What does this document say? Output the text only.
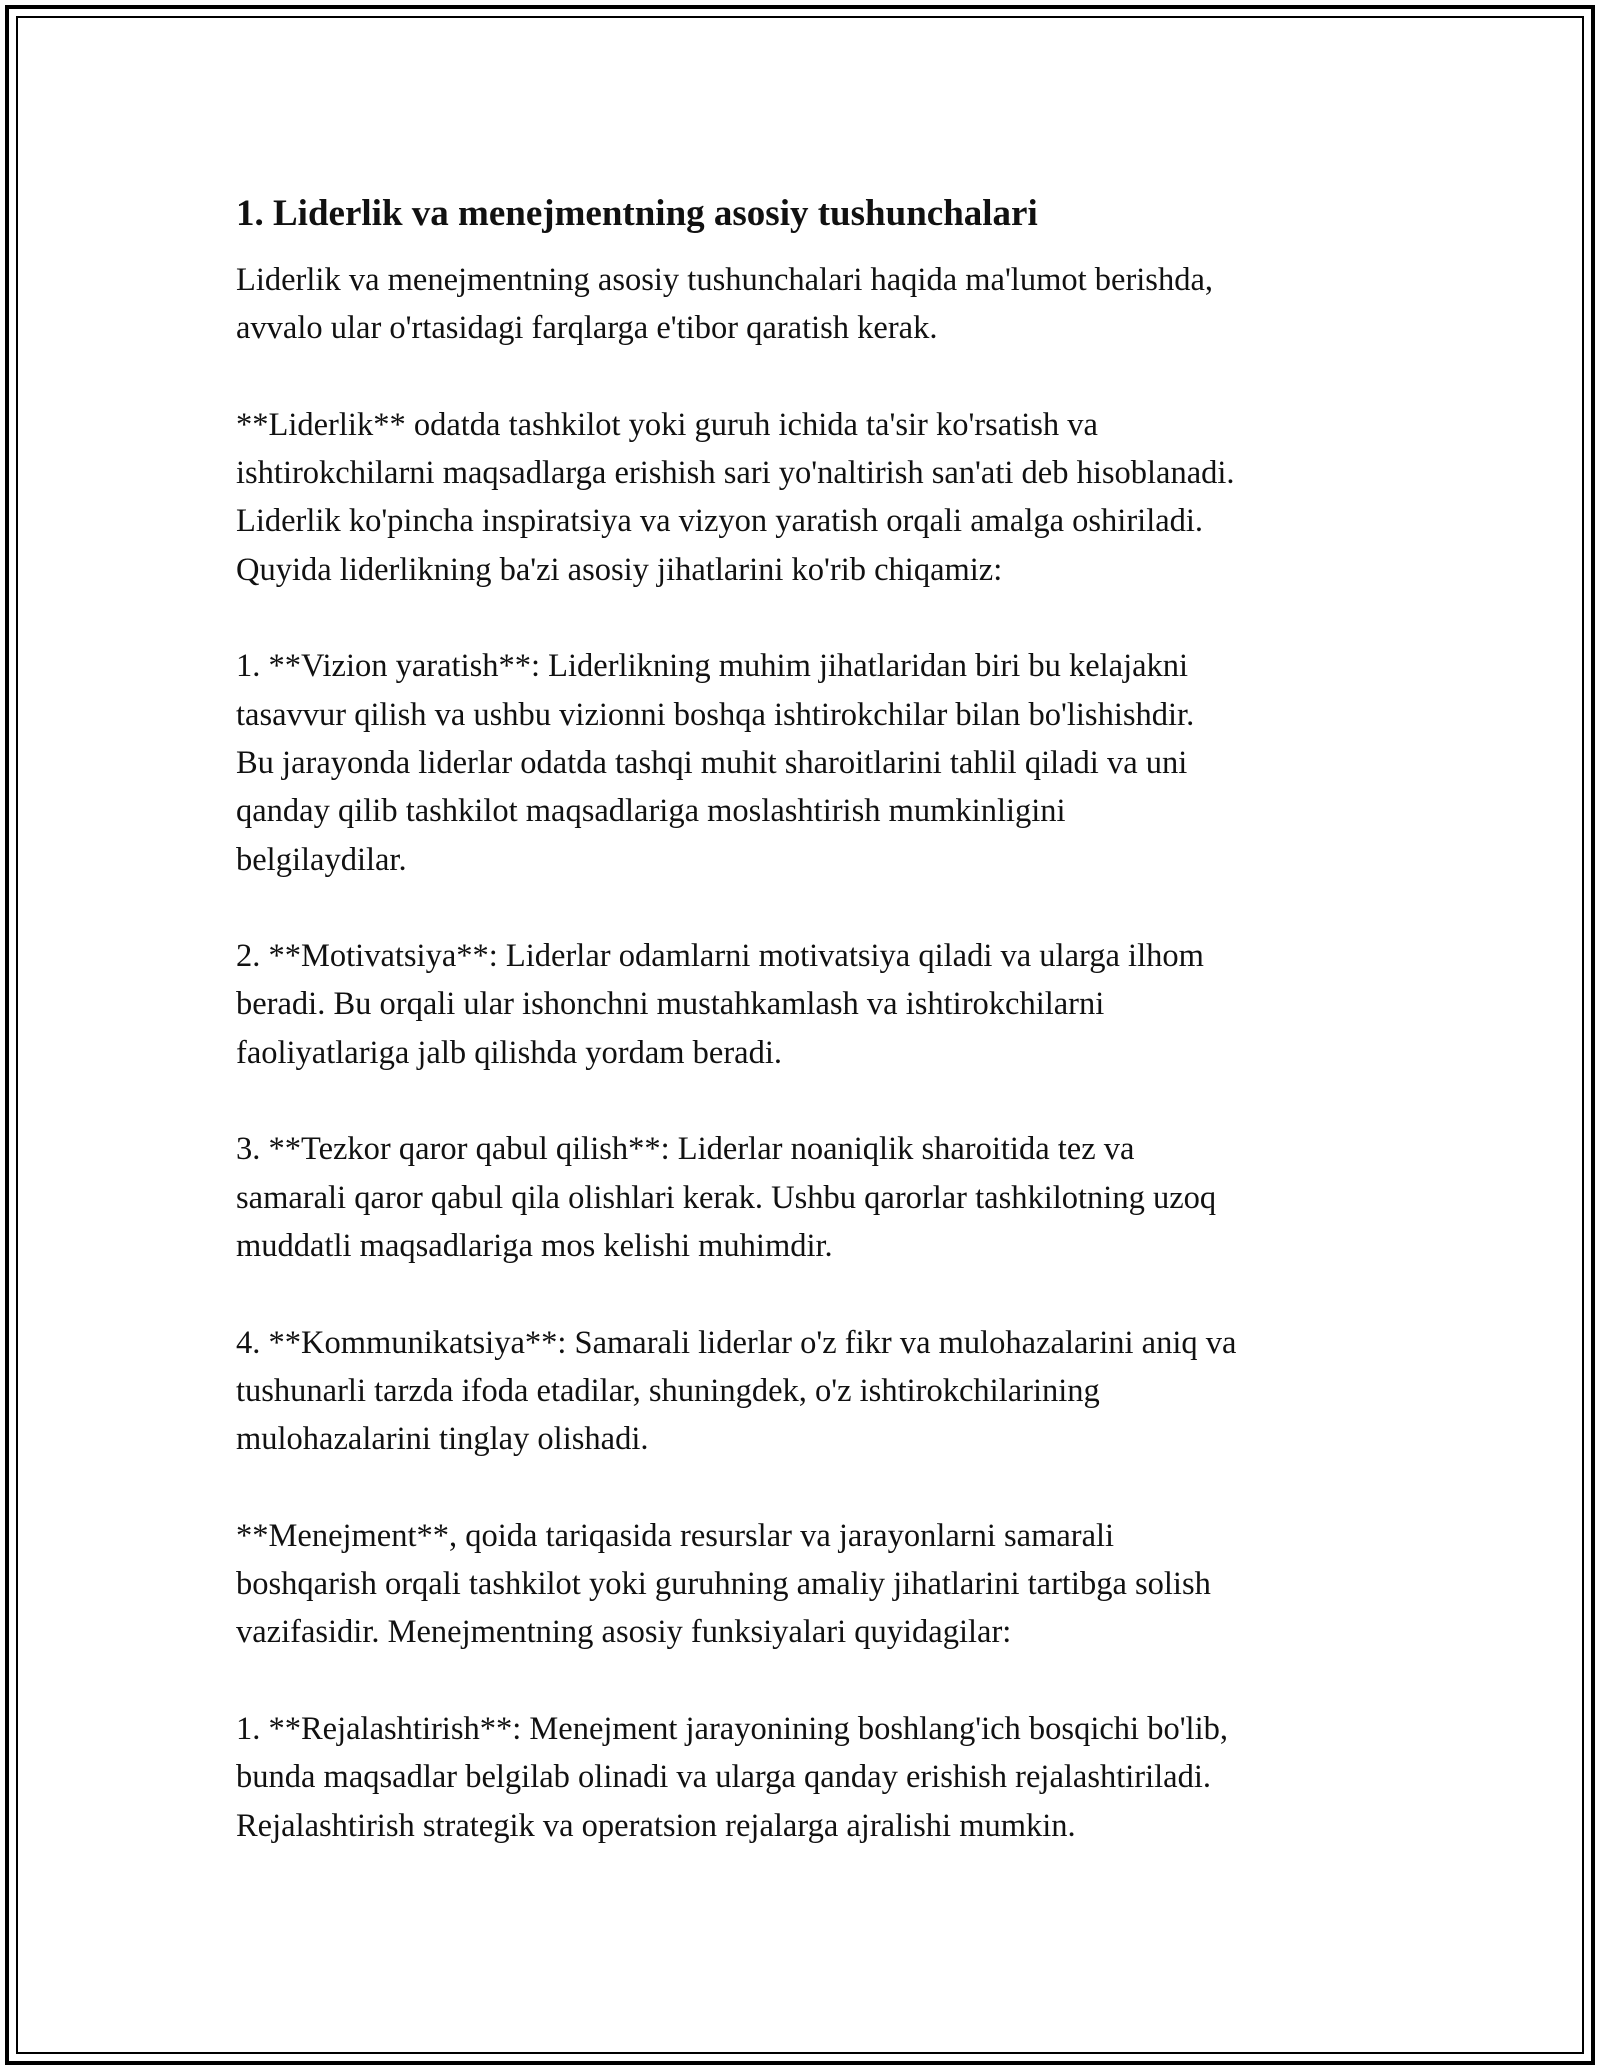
1. Liderlik va menejmentning asosiy tushunchalari

Liderlik va menejmentning asosiy tushunchalari haqida ma'lumot berishda,
avvalo ular o'rtasidagi farqlarga e'tibor qaratish kerak.

**Liderlik** odatda tashkilot yoki guruh ichida ta'sir ko'rsatish va
ishtirokchilarni maqsadlarga erishish sari yo'naltirish san'ati deb hisoblanadi.
Liderlik ko'pincha inspiratsiya va vizyon yaratish orqali amalga oshiriladi.
Quyida liderlikning ba'zi asosiy jihatlarini ko'rib chiqamiz:

1. **Vizion yaratish**: Liderlikning muhim jihatlaridan biri bu kelajakni
tasavvur qilish va ushbu vizionni boshqa ishtirokchilar bilan bo'lishishdir.
Bu jarayonda liderlar odatda tashqi muhit sharoitlarini tahlil qiladi va uni
qanday qilib tashkilot maqsadlariga moslashtirish mumkinligini
belgilaydilar.

2. **Motivatsiya**: Liderlar odamlarni motivatsiya qiladi va ularga ilhom
beradi. Bu orqali ular ishonchni mustahkamlash va ishtirokchilarni
faoliyatlariga jalb qilishda yordam beradi.

3. **Tezkor qaror qabul qilish**: Liderlar noaniqlik sharoitida tez va
samarali qaror qabul qila olishlari kerak. Ushbu qarorlar tashkilotning uzoq
muddatli maqsadlariga mos kelishi muhimdir.

4. **Kommunikatsiya**: Samarali liderlar o'z fikr va mulohazalarini aniq va
tushunarli tarzda ifoda etadilar, shuningdek, o'z ishtirokchilarining
mulohazalarini tinglay olishadi.

**Menejment**, qoida tariqasida resurslar va jarayonlarni samarali
boshqarish orqali tashkilot yoki guruhning amaliy jihatlarini tartibga solish
vazifasidir. Menejmentning asosiy funksiyalari quyidagilar:

1. **Rejalashtirish**: Menejment jarayonining boshlang'ich bosqichi bo'lib,
bunda maqsadlar belgilab olinadi va ularga qanday erishish rejalashtiriladi.
Rejalashtirish strategik va operatsion rejalarga ajralishi mumkin.
